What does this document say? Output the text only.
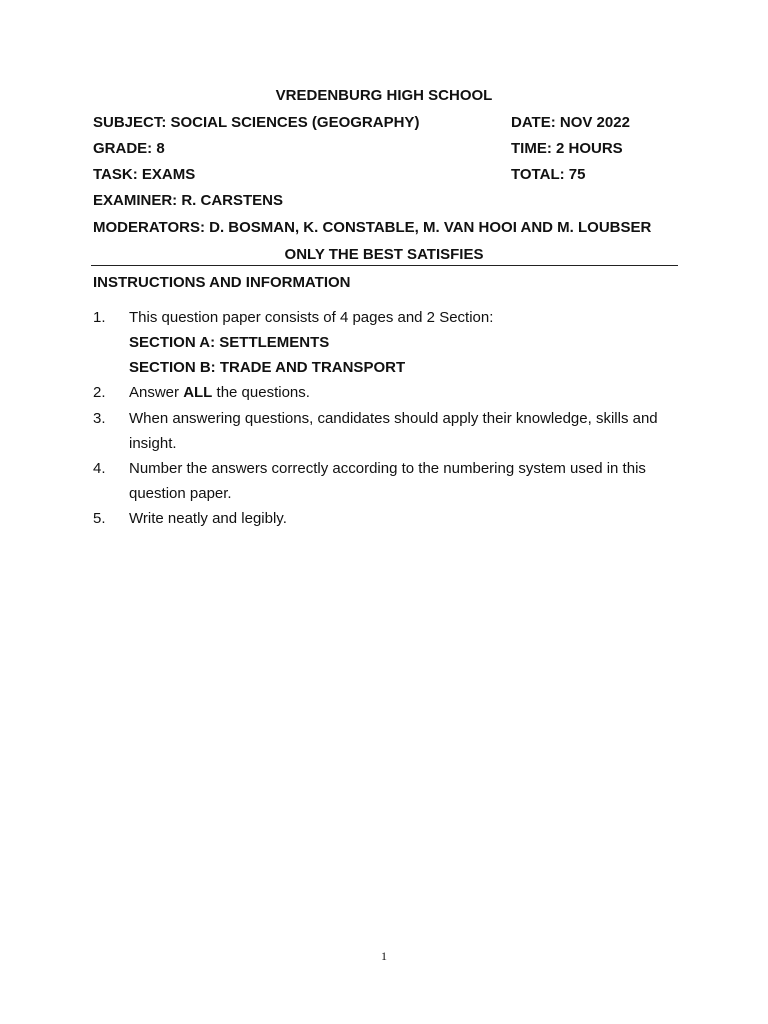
VREDENBURG HIGH SCHOOL
SUBJECT: SOCIAL SCIENCES (GEOGRAPHY)	DATE: NOV 2022
GRADE: 8	TIME: 2 HOURS
TASK: EXAMS	TOTAL: 75
EXAMINER: R. CARSTENS
MODERATORS: D. BOSMAN, K. CONSTABLE, M. VAN HOOI AND M. LOUBSER
ONLY THE BEST SATISFIES
INSTRUCTIONS AND INFORMATION
1. This question paper consists of 4 pages and 2 Section:
SECTION A: SETTLEMENTS
SECTION B: TRADE AND TRANSPORT
2. Answer ALL the questions.
3. When answering questions, candidates should apply their knowledge, skills and
insight.
4. Number the answers correctly according to the numbering system used in this
question paper.
5. Write neatly and legibly.
1
